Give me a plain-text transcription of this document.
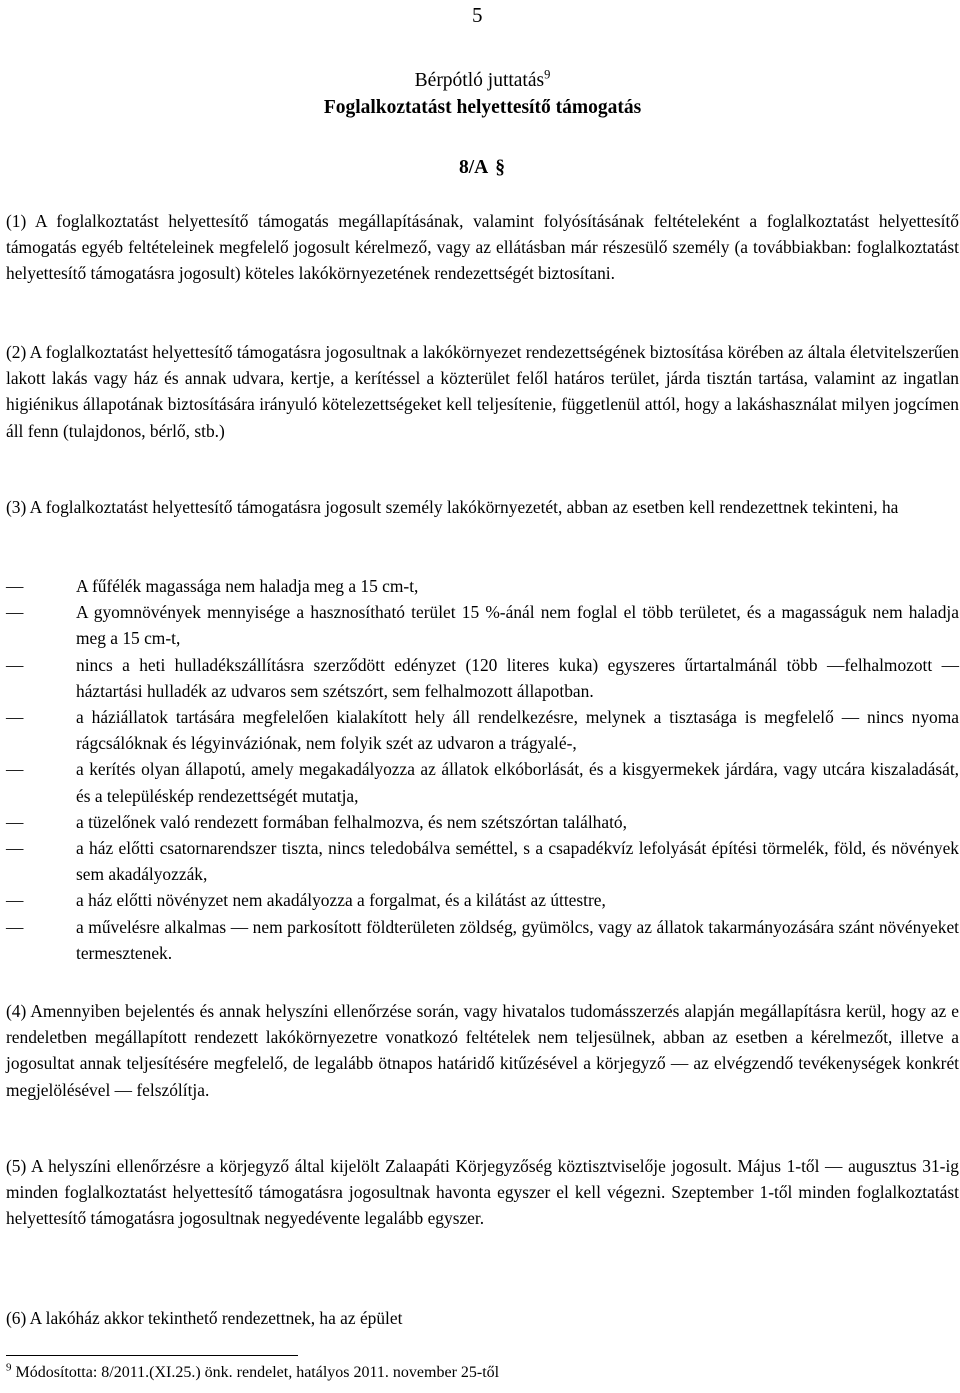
5
Bérpótló juttatás$^9$
Foglalkoztatást helyettesítő támogatás
8/A §

(1) A foglalkoztatást helyettesítő támogatás megállapításának, valamint folyósításának feltételeként a foglalkoztatást helyettesítő támogatás egyéb feltételeinek megfelelő jogosult kérelmező, vagy az ellátásban már részesülő személy (a továbbiakban: foglalkoztatást helyettesítő támogatásra jogosult) köteles lakókörnyezetének rendezettségét biztosítani.

(2) A foglalkoztatást helyettesítő támogatásra jogosultnak a lakókörnyezet rendezettségének biztosítása körében az általa életvitelszerűen lakott lakás vagy ház és annak udvara, kertje, a kerítéssel a közterület felől határos terület, járda tisztán tartása, valamint az ingatlan higiénikus állapotának biztosítására irányuló kötelezettségeket kell teljesítenie, függetlenül attól, hogy a lakáshasználat milyen jogcímen áll fenn (tulajdonos, bérlő, stb.)

(3) A foglalkoztatást helyettesítő támogatásra jogosult személy lakókörnyezetét, abban az esetben kell rendezettnek tekinteni, ha

—	A fűfélék magassága nem haladja meg a 15 cm-t,
—	A gyomnövények mennyisége a hasznosítható terület 15 %-ánál nem foglal el több területet, és a magasságuk nem haladja meg a 15 cm-t,
—	nincs a heti hulladékszállításra szerződött edényzet (120 literes kuka) egyszeres űrtartalmánál több —felhalmozott — háztartási hulladék az udvaros sem szétszórt, sem felhalmozott állapotban.
—	a háziállatok tartására megfelelően kialakított hely áll rendelkezésre, melynek a tisztasága is megfelelő — nincs nyoma rágcsálóknak és légyinváziónak, nem folyik szét az udvaron a trágyalé-,
—	a kerítés olyan állapotú, amely megakadályozza az állatok elkóborlását, és a kisgyermekek járdára, vagy utcára kiszaladását, és a településkép rendezettségét mutatja,
—	a tüzelőnek való rendezett formában felhalmozva, és nem szétszórtan található,
—	a ház előtti csatornarendszer tiszta, nincs teledobálva seméttel, s a csapadékvíz lefolyását építési törmelék, föld, és növények sem akadályozzák,
—	a ház előtti növényzet nem akadályozza a forgalmat, és a kilátást az úttestre,
—	a művelésre alkalmas — nem parkosított földterületen zöldség, gyümölcs, vagy az állatok takarmányozására szánt növényeket termesztenek.

(4) Amennyiben bejelentés és annak helyszíni ellenőrzése során, vagy hivatalos tudomásszerzés alapján megállapításra kerül, hogy az e rendeletben megállapított rendezett lakókörnyezetre vonatkozó feltételek nem teljesülnek, abban az esetben a kérelmezőt, illetve a jogosultat annak teljesítésére megfelelő, de legalább ötnapos határidő kitűzésével a körjegyző — az elvégzendő tevékenységek konkrét megjelölésével — felszólítja.

(5) A helyszíni ellenőrzésre a körjegyző által kijelölt Zalaapáti Körjegyzőség köztisztviselője jogosult. Május 1-től — augusztus 31-ig minden foglalkoztatást helyettesítő támogatásra jogosultnak havonta egyszer el kell végezni. Szeptember 1-től minden foglalkoztatást helyettesítő támogatásra jogosultnak negyedévente legalább egyszer.

(6) A lakóház akkor tekinthető rendezettnek, ha az épület

$^9$ Módosította: 8/2011.(XI.25.) önk. rendelet, hatályos 2011. november 25-től
